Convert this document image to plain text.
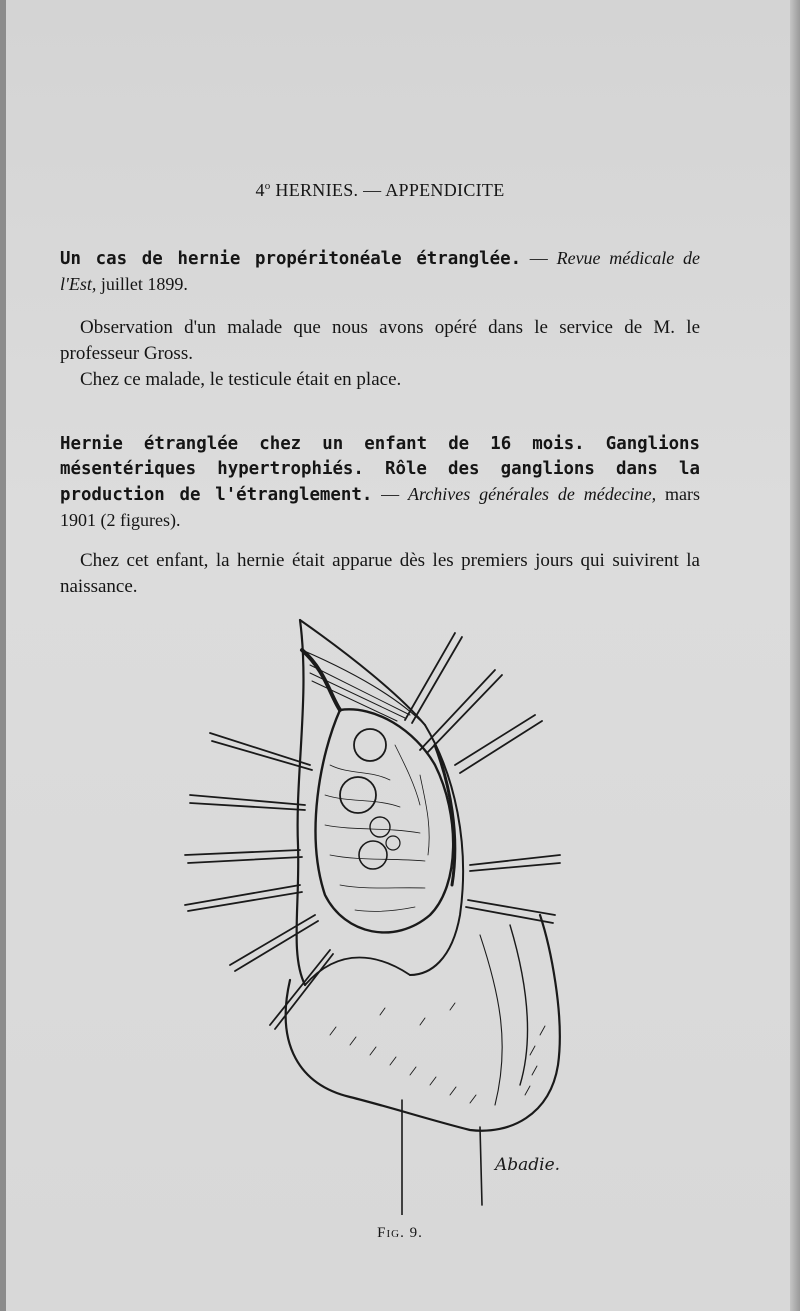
4$^o$ HERNIES. — APPENDICITE
Un cas de hernie propéritonéale étranglée. — Revue médicale de l'Est, juillet 1899.

Observation d'un malade que nous avons opéré dans le service de M. le professeur Gross.

Chez ce malade, le testicule était en place.

Hernie étranglée chez un enfant de 16 mois. Ganglions mésentériques hypertrophiés. Rôle des ganglions dans la production de l'étranglement. — Archives générales de médecine, mars 1901 (2 figures).

Chez cet enfant, la hernie était apparue dès les premiers jours qui suivirent la naissance.

Abadie.
Fig. 9.
